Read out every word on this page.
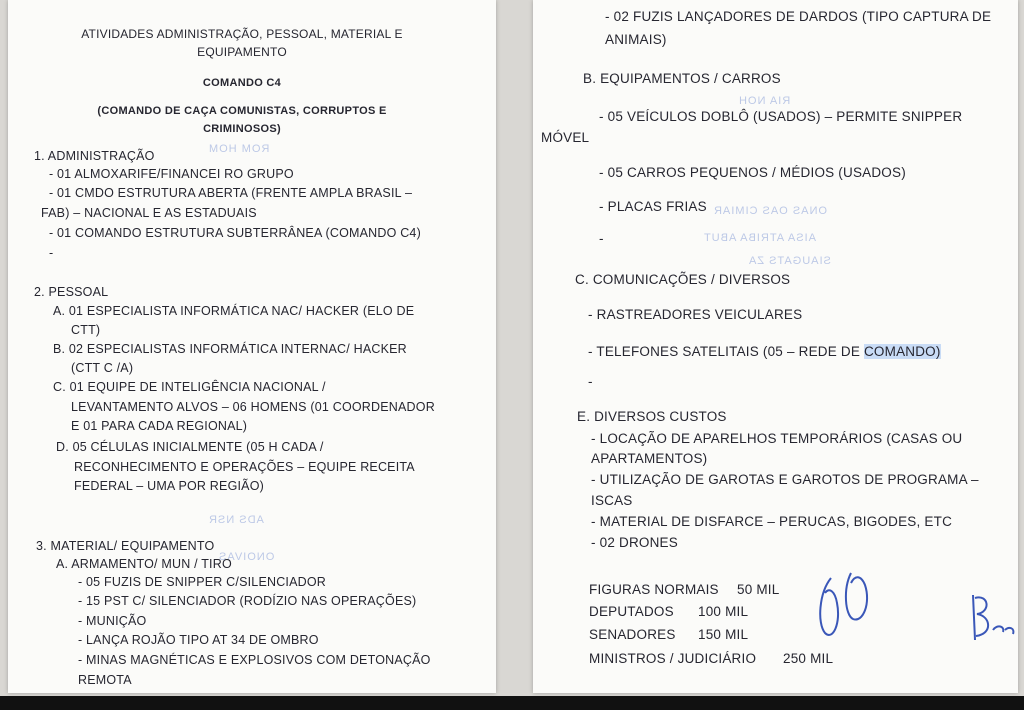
ATIVIDADES ADMINISTRAÇÃO, PESSOAL, MATERIAL E
EQUIPAMENTO
COMANDO C4
(COMANDO DE CAÇA COMUNISTAS, CORRUPTOS E
CRIMINOSOS)
1. ADMINISTRAÇÃO
- 01 ALMOXARIFE/FINANCEI RO GRUPO
- 01 CMDO ESTRUTURA ABERTA (FRENTE AMPLA BRASIL –
FAB) – NACIONAL E AS ESTADUAIS
- 01 COMANDO ESTRUTURA SUBTERRÂNEA (COMANDO C4)
-
2. PESSOAL
A. 01 ESPECIALISTA INFORMÁTICA NAC/ HACKER (ELO DE
CTT)
B. 02 ESPECIALISTAS INFORMÁTICA INTERNAC/ HACKER
(CTT C /A)
C. 01 EQUIPE DE INTELIGÊNCIA NACIONAL /
LEVANTAMENTO ALVOS – 06 HOMENS (01 COORDENADOR
E 01 PARA CADA REGIONAL)
D. 05 CÉLULAS INICIALMENTE (05 H CADA /
RECONHECIMENTO E OPERAÇÕES – EQUIPE RECEITA
FEDERAL – UMA POR REGIÃO)
ADS NSR
ONOIVAS
ROM HOM
3. MATERIAL/ EQUIPAMENTO
A. ARMAMENTO/ MUN / TIRO
- 05 FUZIS DE SNIPPER C/SILENCIADOR
- 15 PST C/ SILENCIADOR (RODÍZIO NAS OPERAÇÕES)
- MUNIÇÃO
- LANÇA ROJÃO TIPO AT 34 DE OMBRO
- MINAS MAGNÉTICAS E EXPLOSIVOS COM DETONAÇÃO
REMOTA
- 02 FUZIS LANÇADORES DE DARDOS (TIPO CAPTURA DE
ANIMAIS)
B. EQUIPAMENTOS / CARROS
RIA NOH
- 05 VEÍCULOS DOBLÔ (USADOS) – PERMITE SNIPPER
MÓVEL
- 05 CARROS PEQUENOS / MÉDIOS (USADOS)
- PLACAS FRIAS
-
ONAS OAS CIMIAR
AISA ATRIBA ABUT
SIAUGATS ZA
C. COMUNICAÇÕES / DIVERSOS
- RASTREADORES VEICULARES
- TELEFONES SATELITAIS (05 – REDE DE COMANDO)
-
E. DIVERSOS CUSTOS
- LOCAÇÃO DE APARELHOS TEMPORÁRIOS (CASAS OU
APARTAMENTOS)
- UTILIZAÇÃO DE GAROTAS E GAROTOS DE PROGRAMA –
ISCAS
- MATERIAL DE DISFARCE – PERUCAS, BIGODES, ETC
- 02 DRONES
FIGURAS NORMAIS 50 MIL
DEPUTADOS 100 MIL
SENADORES 150 MIL
MINISTROS / JUDICIÁRIO 250 MIL
